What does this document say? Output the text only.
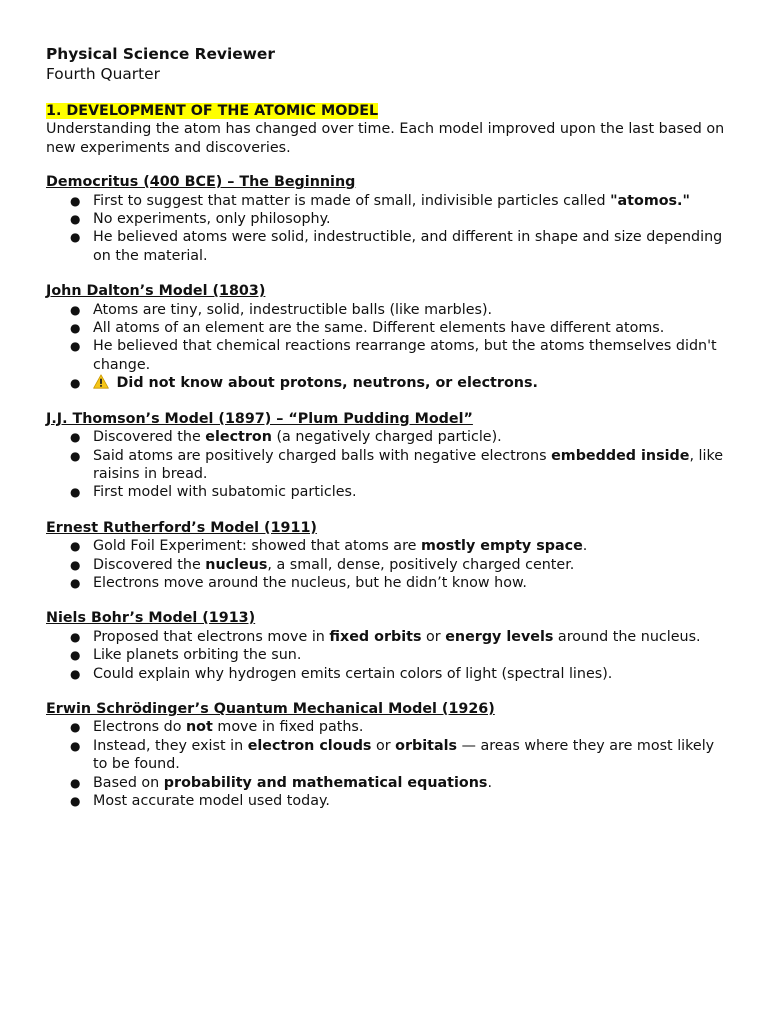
Physical Science Reviewer

Fourth Quarter

1. DEVELOPMENT OF THE ATOMIC MODEL

Understanding the atom has changed over time. Each model improved upon the last based on new experiments and discoveries.

Democritus (400 BCE) – The Beginning

● First to suggest that matter is made of small, indivisible particles called "atomos."
● No experiments, only philosophy.
● He believed atoms were solid, indestructible, and different in shape and size depending on the material.

John Dalton’s Model (1803)

● Atoms are tiny, solid, indestructible balls (like marbles).
● All atoms of an element are the same. Different elements have different atoms.
● He believed that chemical reactions rearrange atoms, but the atoms themselves didn't change.
●	Did not know about protons, neutrons, or electrons.

J.J. Thomson’s Model (1897) – “Plum Pudding Model”

● Discovered the electron (a negatively charged particle).
● Said atoms are positively charged balls with negative electrons embedded inside, like raisins in bread.
● First model with subatomic particles.

Ernest Rutherford’s Model (1911)

● Gold Foil Experiment: showed that atoms are mostly empty space.
● Discovered the nucleus, a small, dense, positively charged center.
● Electrons move around the nucleus, but he didn’t know how.

Niels Bohr’s Model (1913)

● Proposed that electrons move in fixed orbits or energy levels around the nucleus.
● Like planets orbiting the sun.
● Could explain why hydrogen emits certain colors of light (spectral lines).

Erwin Schrödinger’s Quantum Mechanical Model (1926)

● Electrons do not move in fixed paths.
● Instead, they exist in electron clouds or orbitals — areas where they are most likely to be found.
● Based on probability and mathematical equations.
● Most accurate model used today.
